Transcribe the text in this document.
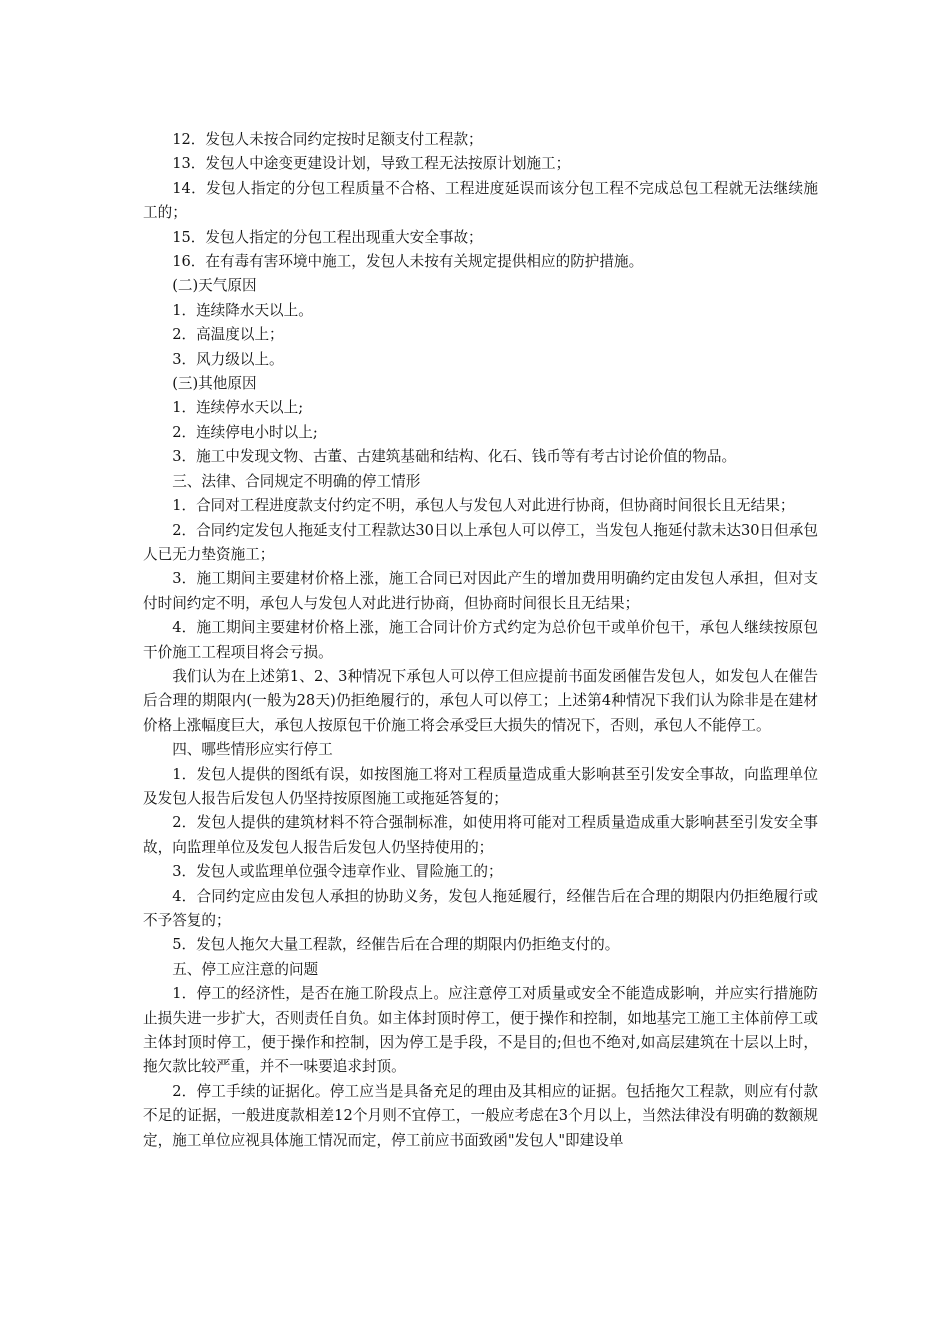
12．发包人未按合同约定按时足额支付工程款；

13．发包人中途变更建设计划，导致工程无法按原计划施工；

14．发包人指定的分包工程质量不合格、工程进度延误而该分包工程不完成总包工程就无法继续施工的；

15．发包人指定的分包工程出现重大安全事故；

16．在有毒有害环境中施工，发包人未按有关规定提供相应的防护措施。

(二)天气原因

1．连续降水天以上。

2．高温度以上；

3．风力级以上。

(三)其他原因

1．连续停水天以上;

2．连续停电小时以上;

3．施工中发现文物、古董、古建筑基础和结构、化石、钱币等有考古讨论价值的物品。

三、法律、合同规定不明确的停工情形

1．合同对工程进度款支付约定不明，承包人与发包人对此进行协商，但协商时间很长且无结果；

2．合同约定发包人拖延支付工程款达30日以上承包人可以停工，当发包人拖延付款未达30日但承包人已无力垫资施工；

3．施工期间主要建材价格上涨，施工合同已对因此产生的增加费用明确约定由发包人承担，但对支付时间约定不明，承包人与发包人对此进行协商，但协商时间很长且无结果；

4．施工期间主要建材价格上涨，施工合同计价方式约定为总价包干或单价包干，承包人继续按原包干价施工工程项目将会亏损。

我们认为在上述第1、2、3种情况下承包人可以停工但应提前书面发函催告发包人，如发包人在催告后合理的期限内(一般为28天)仍拒绝履行的，承包人可以停工；上述第4种情况下我们认为除非是在建材价格上涨幅度巨大，承包人按原包干价施工将会承受巨大损失的情况下，否则，承包人不能停工。

四、哪些情形应实行停工

1．发包人提供的图纸有误，如按图施工将对工程质量造成重大影响甚至引发安全事故，向监理单位及发包人报告后发包人仍坚持按原图施工或拖延答复的；

2．发包人提供的建筑材料不符合强制标准，如使用将可能对工程质量造成重大影响甚至引发安全事故，向监理单位及发包人报告后发包人仍坚持使用的；

3．发包人或监理单位强令违章作业、冒险施工的；

4．合同约定应由发包人承担的协助义务，发包人拖延履行，经催告后在合理的期限内仍拒绝履行或不予答复的；

5．发包人拖欠大量工程款，经催告后在合理的期限内仍拒绝支付的。

五、停工应注意的问题

1．停工的经济性，是否在施工阶段点上。应注意停工对质量或安全不能造成影响，并应实行措施防止损失进一步扩大，否则责任自负。如主体封顶时停工，便于操作和控制，如地基完工施工主体前停工或主体封顶时停工，便于操作和控制，因为停工是手段，不是目的;但也不绝对,如高层建筑在十层以上时，拖欠款比较严重，并不一味要追求封顶。

2．停工手续的证据化。停工应当是具备充足的理由及其相应的证据。包括拖欠工程款，则应有付款不足的证据，一般进度款相差12个月则不宜停工，一般应考虑在3个月以上，当然法律没有明确的数额规定，施工单位应视具体施工情况而定，停工前应书面致函"发包人"即建设单
